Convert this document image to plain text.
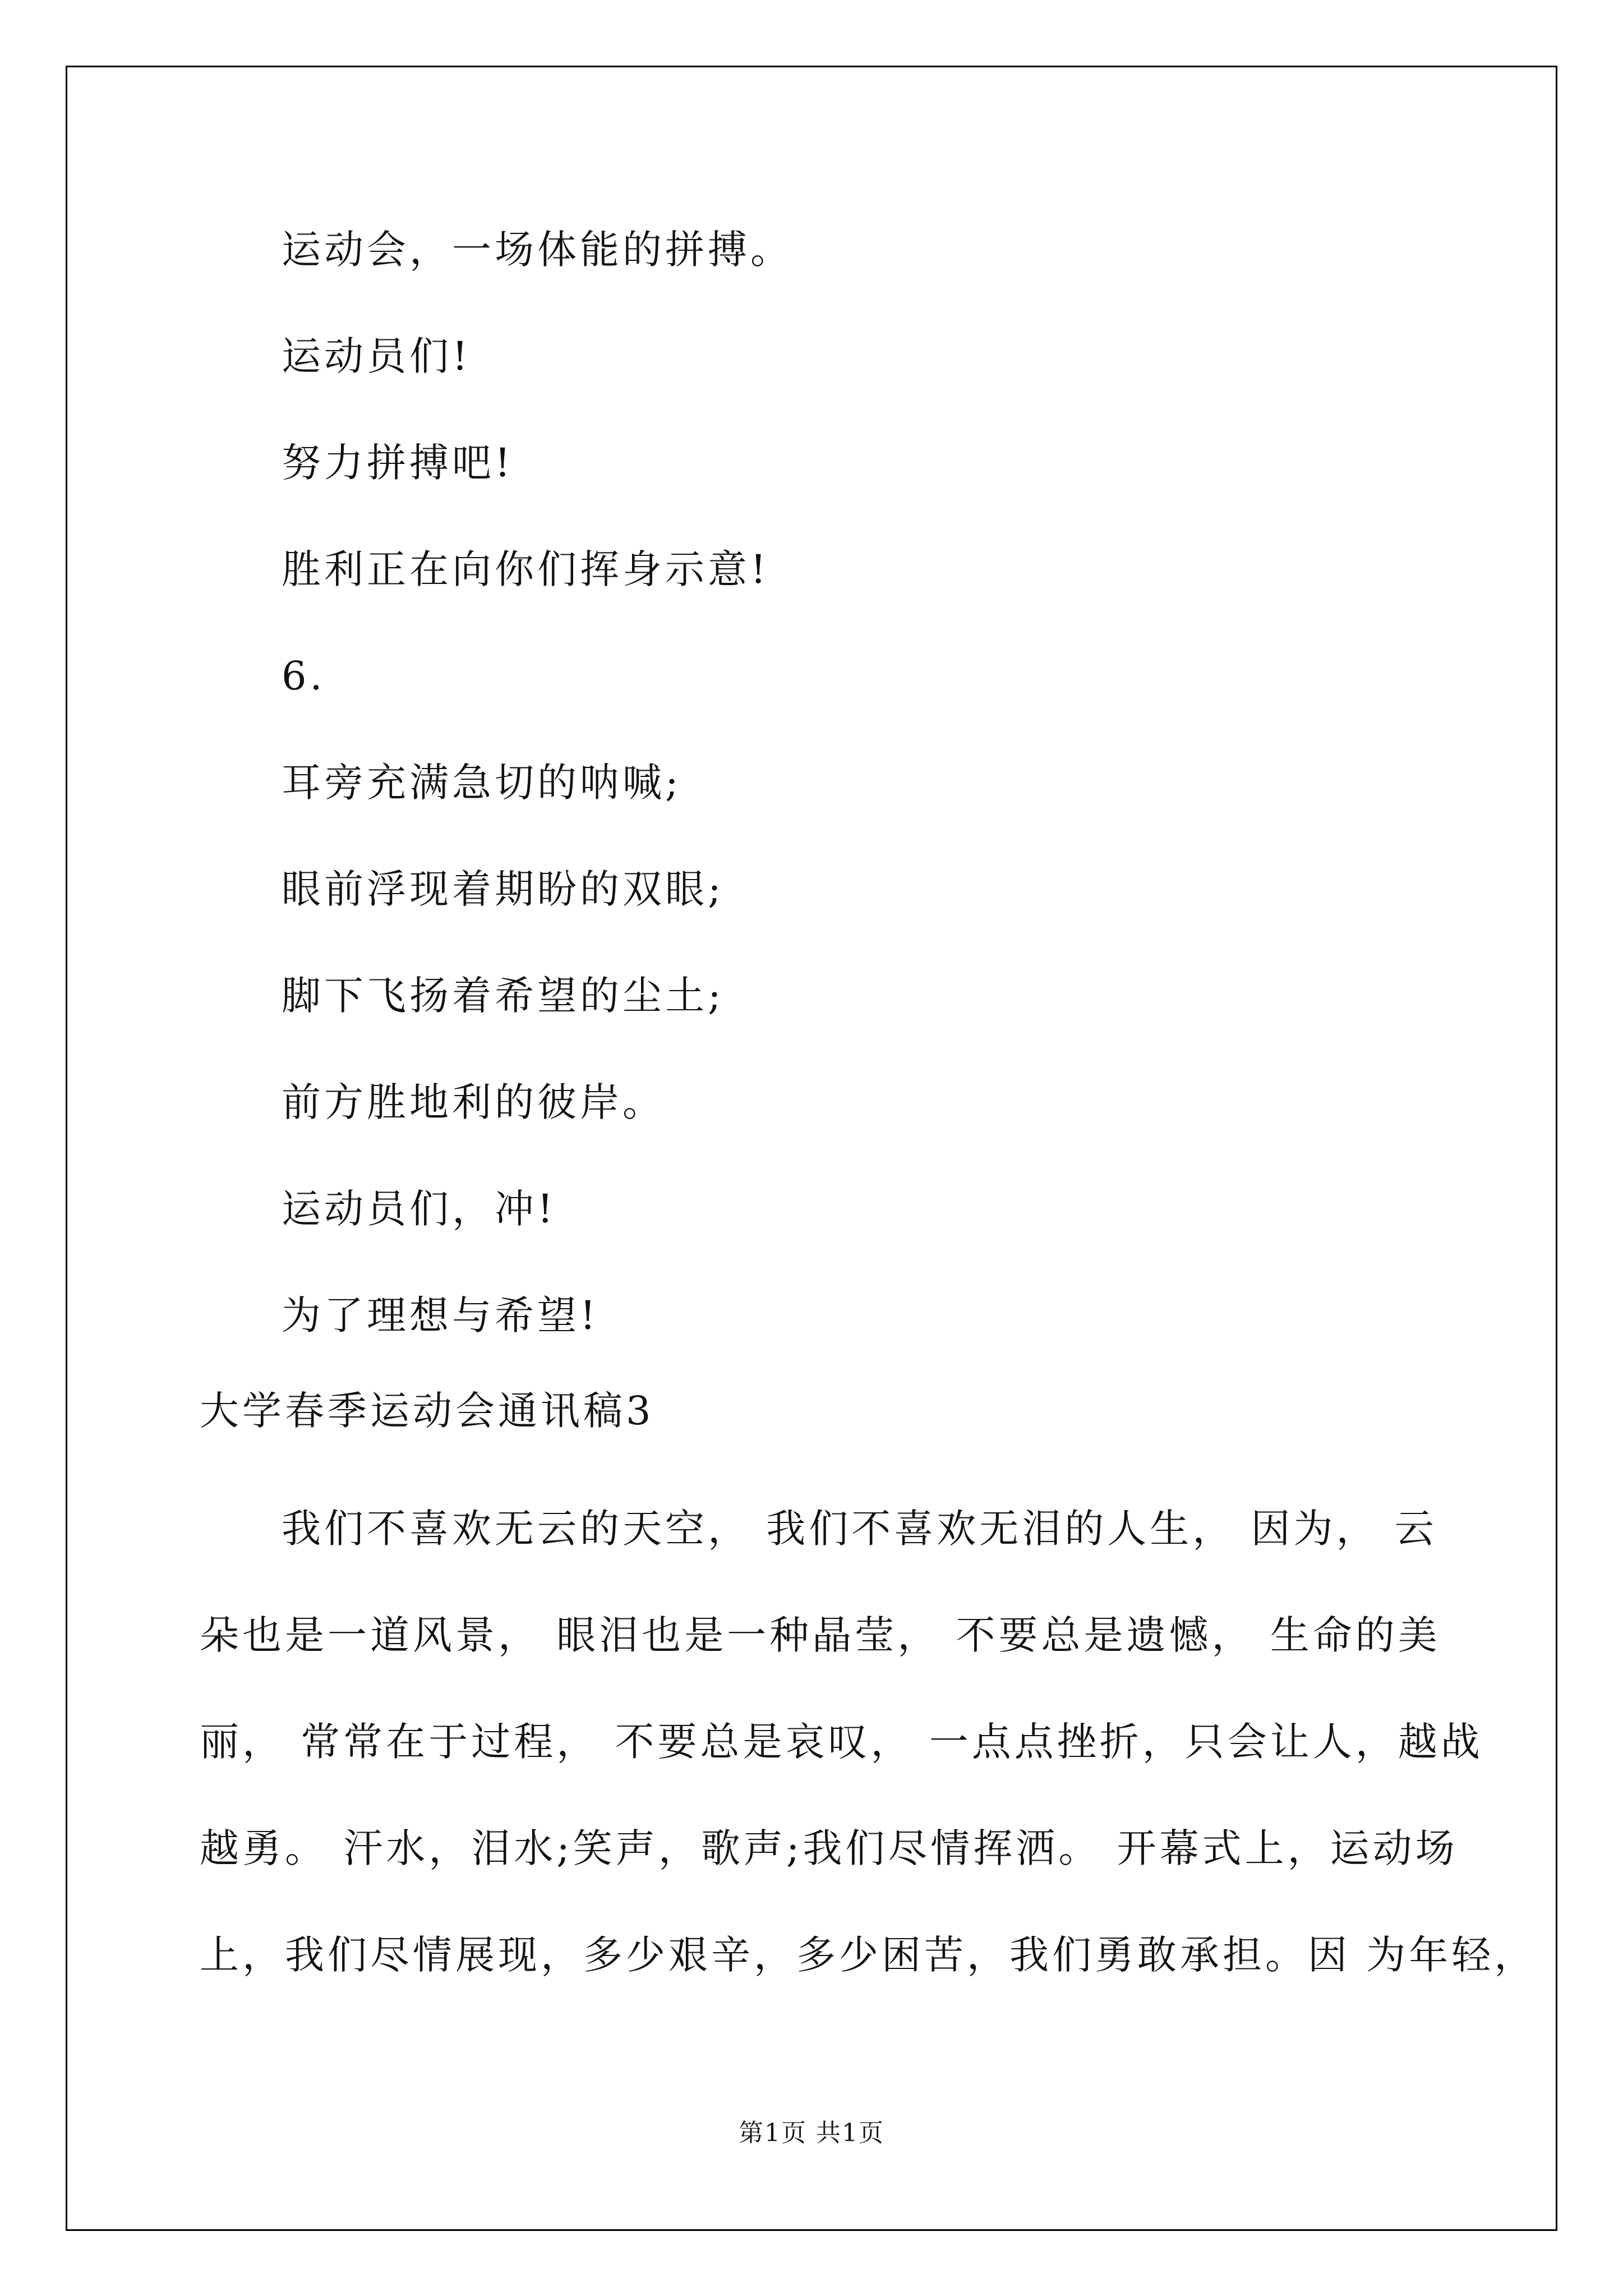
运动会，一场体能的拼搏。
运动员们!
努力拼搏吧!
胜利正在向你们挥身示意!
6.
耳旁充满急切的呐喊;
眼前浮现着期盼的双眼;
脚下飞扬着希望的尘土;
前方胜地利的彼岸。
运动员们，冲!
为了理想与希望!
大学春季运动会通讯稿3
我们不喜欢无云的天空， 我们不喜欢无泪的人生， 因为， 云
朵也是一道风景， 眼泪也是一种晶莹， 不要总是遗憾， 生命的美
丽， 常常在于过程， 不要总是哀叹， 一点点挫折，只会让人，越战
越勇。 汗水，泪水;笑声，歌声;我们尽情挥洒。 开幕式上，运动场
上，我们尽情展现，多少艰辛，多少困苦，我们勇敢承担。因 为年轻，
第1页 共1页
